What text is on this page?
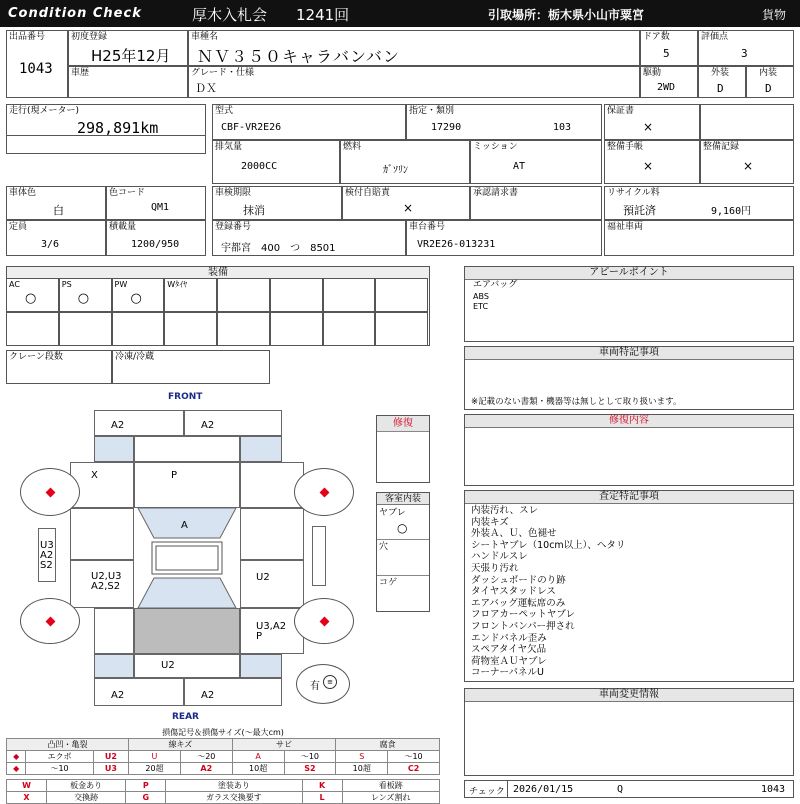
Condition Check	厚木入札会 1241回	引取場所：栃木県小山市粟宮	貨物
出品番号
1043
初度登録
H25年12月
車歴
車種名
ＮＶ３５０キャラバンバン
グレード・仕様
ＤＸ
ドア数
5
評価点
3
駆動
2WD
外装
D
内装
D
走行(現メーター)
298,891km
型式
CBF-VR2E26
指定・類別
17290	103
保証書
×
排気量
2000CC
燃料
ｶﾞｿﾘﾝ
ミッション
AT
整備手帳
×
整備記録
×
車体色
白
色コード
QM1
車検期限
抹消
検付自賠責
×
承認請求書	リサイクル料
預託済	9,160円
定員
3/6
積載量
1200/950
登録番号
宇都宮　400　つ　8501
車台番号
VR2E26-013231
福祉車両
装備
AC
○
PS
○
PW
○
Wﾀｲﾔ
クレーン段数	冷凍/冷蔵
FRONT
REAR
有	≡
A2	A2
X	P
A
U3
A2
S2
U2,U3
A2,S2
U2
U3,A2
P
U2
A2	A2
修復
客室内装
ヤブレ
○
穴
コゲ
アピールポイント
エアバッグ
ABS
ETC
車両特記事項
※記載のない書類・機器等は無しとして取り扱います。
修復内容
査定特記事項
内装汚れ、スレ
内装キズ
外装Ａ、Ｕ、色褪せ
シートヤブレ（10cm以上）、ヘタリ
ハンドルスレ
天張り汚れ
ダッシュボードのり跡
タイヤスタッドレス
エアバッグ運転席のみ
フロアカーペットヤブレ
フロントバンパー押され
エンドパネル歪み
スペアタイヤ欠品
荷物室ＡＵヤブレ
コーナーパネルU
車両変更情報
損傷記号＆損傷サイズ(～最大cm)
凸凹・亀裂			線キズ		サビ		腐食	
◆	エクボ	U2	U	～20	A	～10	S	～10
◆	～10	U3	20超	A2	10超	S2	10超	C2
W	板金あり	P	塗装あり	K	看板跡
X	交換跡	G	ガラス交換要す	L	レンズ割れ
チェック 2026/01/15	Q	1043
